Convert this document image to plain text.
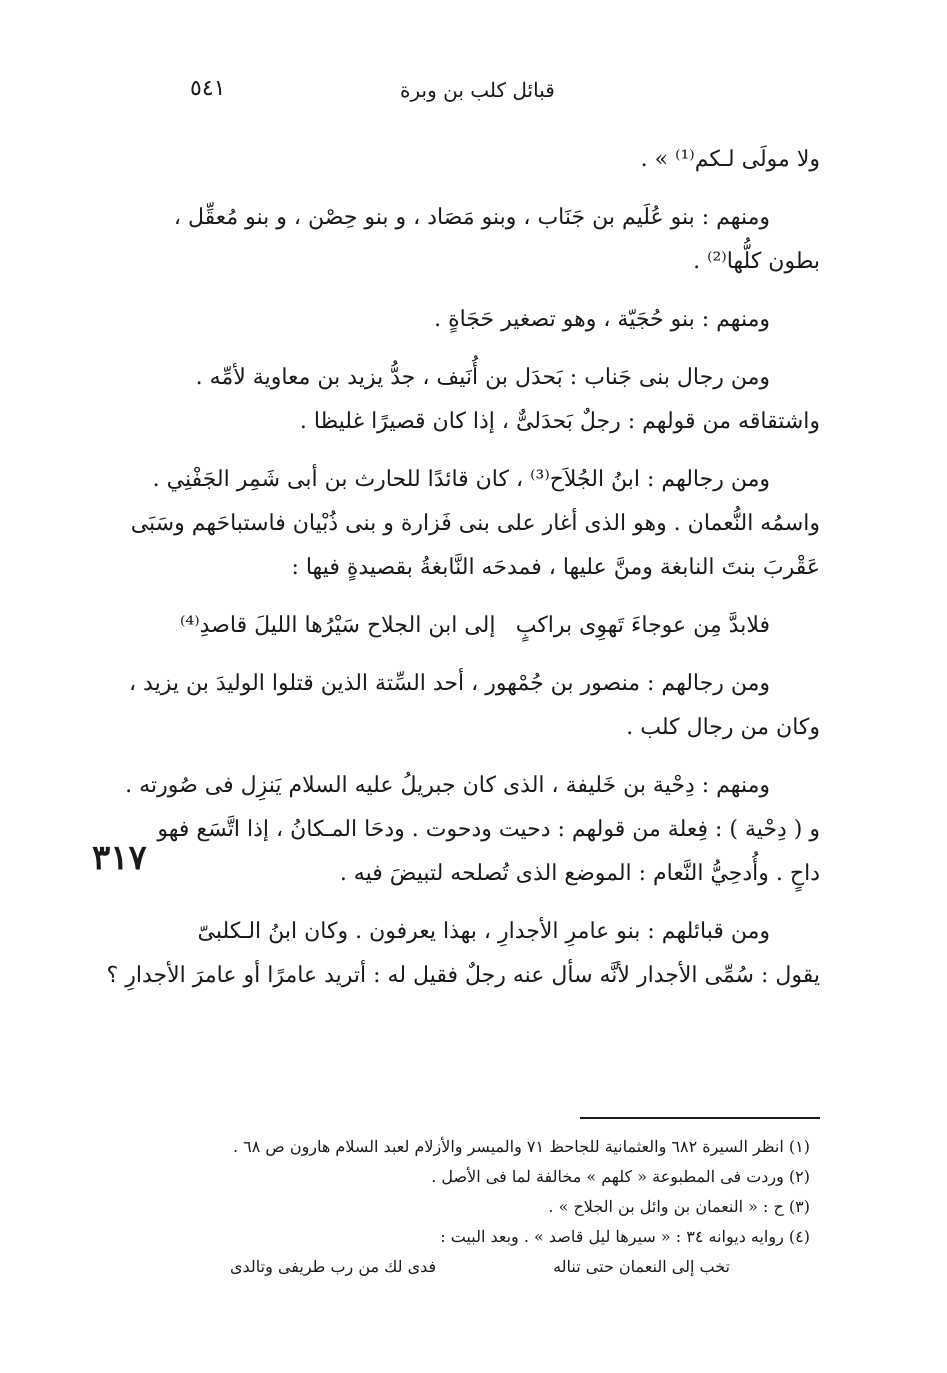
٥٤١	قبائل كلب بن وبرة
٣١٧
ولا مولَى لـكم⁽¹⁾ » .
ومنهم : بنو عُلَيم بن جَنَاب ، وبنو مَصَاد ، و بنو حِصْن ، و بنو مُعقِّل ،
بطون كلُّها⁽²⁾ .
ومنهم : بنو حُجَيّة ، وهو تصغير حَجَاةٍ .
ومن رجال بنى جَناب : بَحدَل بن أُنَيف ، جدُّ يزيد بن معاوية لأمِّه .
واشتقاقه من قولهم : رجلٌ بَحدَلىٌّ ، إذا كان قصيرًا غليظا .
ومن رجالهم : ابنُ الجُلاَح⁽³⁾ ، كان قائدًا للحارث بن أبى شَمِر الجَفْنِي .
واسمُه النُّعمان . وهو الذى أغار على بنى فَزارة و بنى ذُبْيان فاستباحَهم وسَبَى
عَقْربَ بنتَ النابغة ومنَّ عليها ، فمدحَه النَّابغةُ بقصيدةٍ فيها :
فلابدَّ مِن عوجاءَ تَهوِى براكبٍ
إلى ابن الجلاح سَيْرُها الليلَ قاصدِ⁽⁴⁾
ومن رجالهم : منصور بن جُمْهور ، أحد السِّتة الذين قتلوا الوليدَ بن يزيد ،
وكان من رجال كلب .
ومنهم : دِحْية بن خَليفة ، الذى كان جبريلُ عليه السلام يَنزِل فى صُورته .
و ( دِحْية ) : فِعلة من قولهم : دحيت ودحوت . ودحَا المـكانُ ، إذا اتَّسَع فهو
داحٍ . وأُدحِيُّ النَّعام : الموضع الذى تُصلحه لتبيضَ فيه .
ومن قبائلهم : بنو عامرِ الأجدارِ ، بهذا يعرفون . وكان ابنُ الـكلبىّ
يقول : سُمِّى الأجدار لأنَّه سأل عنه رجلٌ فقيل له : أتريد عامرًا أو عامرَ الأجدارِ ؟
(١) انظر السيرة ٦٨٢ والعثمانية للجاحظ ٧١ والميسر والأزلام لعبد السلام هارون ص ٦٨ .
(٢) وردت فى المطبوعة « كلهم » مخالفة لما فى الأصل .
(٣) ح : « النعمان بن وائل بن الجلاح » .
(٤) روايه ديوانه ٣٤ : « سيرها ليل قاصد » . وبعد البيت :
تخب إلى النعمان حتى تناله
فدى لك من رب طريفى وتالدى
